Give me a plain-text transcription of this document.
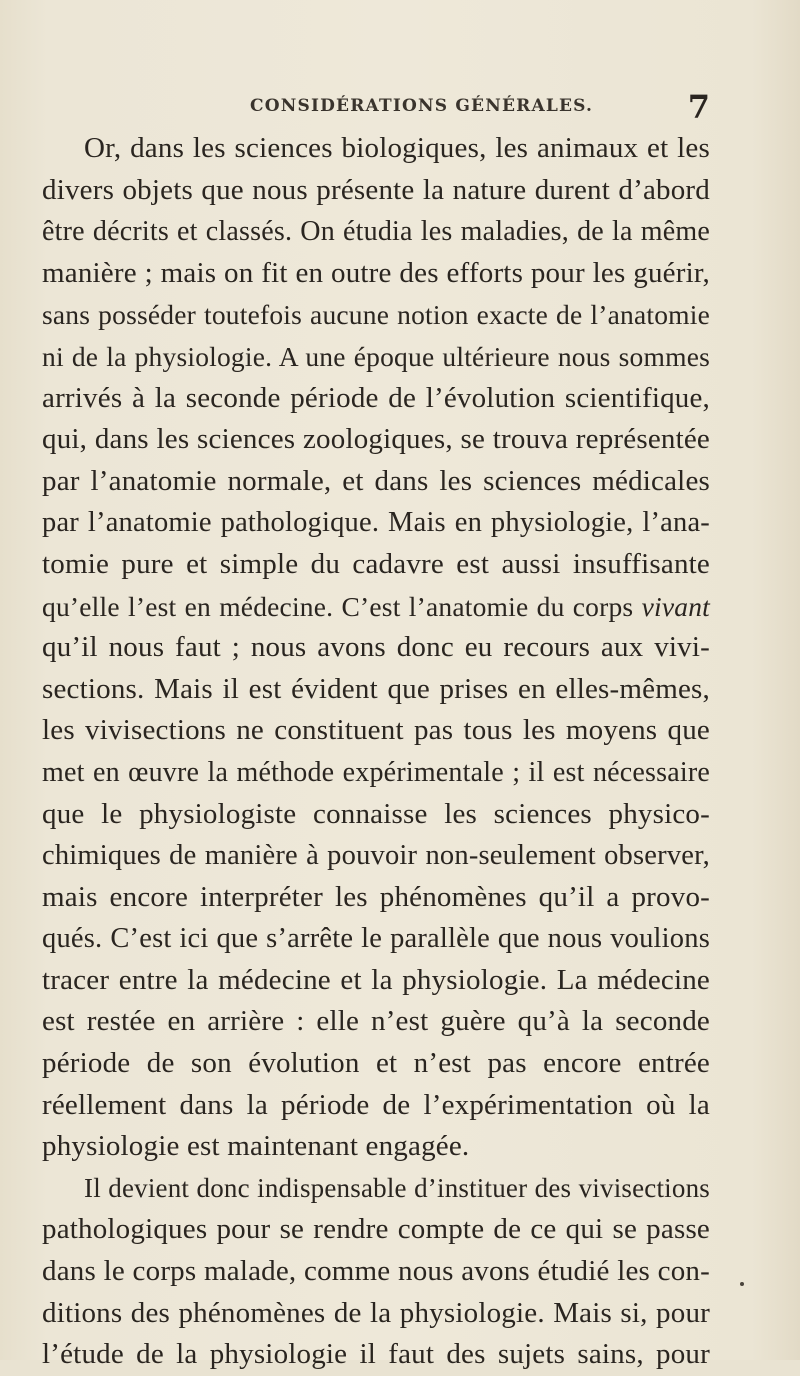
CONSIDÉRATIONS GÉNÉRALES.	7
Or, dans les sciences biologiques, les animaux et les
divers objets que nous présente la nature durent d’abord
être décrits et classés. On étudia les maladies, de la même
manière ; mais on fit en outre des efforts pour les guérir,
sans posséder toutefois aucune notion exacte de l’anatomie
ni de la physiologie. A une époque ultérieure nous sommes
arrivés à la seconde période de l’évolution scientifique,
qui, dans les sciences zoologiques, se trouva représentée
par l’anatomie normale, et dans les sciences médicales
par l’anatomie pathologique. Mais en physiologie, l’ana-
tomie pure et simple du cadavre est aussi insuffisante
qu’elle l’est en médecine. C’est l’anatomie du corps vivant
qu’il nous faut ; nous avons donc eu recours aux vivi-
sections. Mais il est évident que prises en elles-mêmes,
les vivisections ne constituent pas tous les moyens que
met en œuvre la méthode expérimentale ; il est nécessaire
que le physiologiste connaisse les sciences physico-
chimiques de manière à pouvoir non-seulement observer,
mais encore interpréter les phénomènes qu’il a provo-
qués. C’est ici que s’arrête le parallèle que nous voulions
tracer entre la médecine et la physiologie. La médecine
est restée en arrière : elle n’est guère qu’à la seconde
période de son évolution et n’est pas encore entrée
réellement dans la période de l’expérimentation où la
physiologie est maintenant engagée.
Il devient donc indispensable d’instituer des vivisections
pathologiques pour se rendre compte de ce qui se passe
dans le corps malade, comme nous avons étudié les con-
ditions des phénomènes de la physiologie. Mais si, pour
l’étude de la physiologie il faut des sujets sains, pour
